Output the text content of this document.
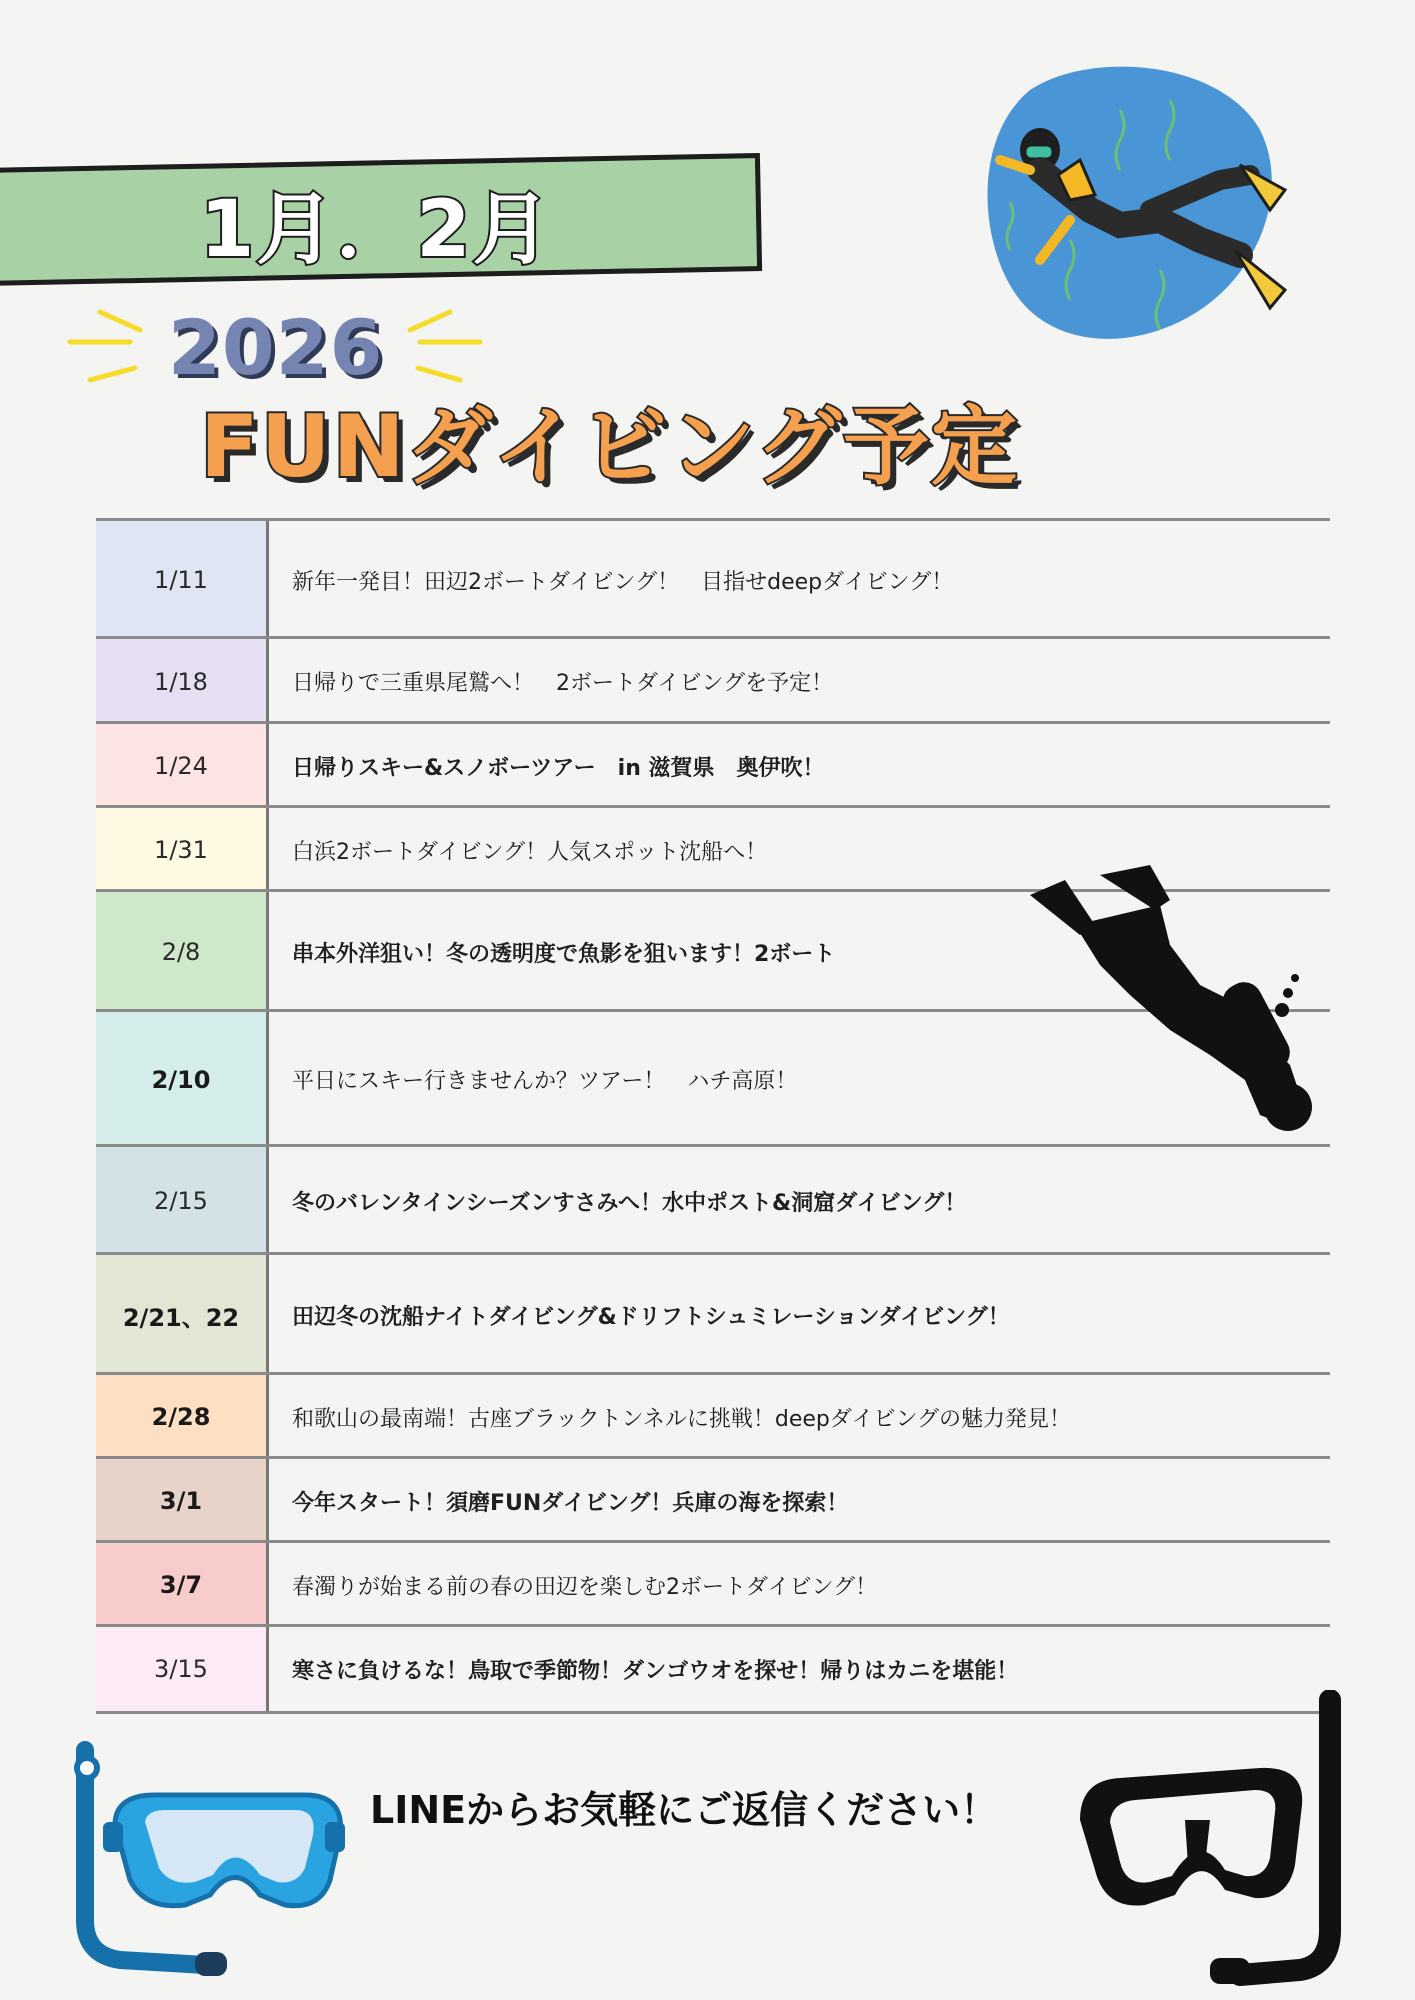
1月．2月
2026
FUNダイビング予定
1/11	新年一発目！田辺2ボートダイビング！　目指せdeepダイビング！
1/18	日帰りで三重県尾鷲へ！　2ボートダイビングを予定！
1/24	日帰りスキー&スノボーツアー　in 滋賀県　奥伊吹！
1/31	白浜2ボートダイビング！人気スポット沈船へ！
2/8	串本外洋狙い！冬の透明度で魚影を狙います！2ボート
2/10	平日にスキー行きませんか？ツアー！　ハチ高原！
2/15	冬のバレンタインシーズンすさみへ！水中ポスト&洞窟ダイビング！
2/21、22	田辺冬の沈船ナイトダイビング&ドリフトシュミレーションダイビング！
2/28	和歌山の最南端！古座ブラックトンネルに挑戦！deepダイビングの魅力発見！
3/1	今年スタート！須磨FUNダイビング！兵庫の海を探索！
3/7	春濁りが始まる前の春の田辺を楽しむ2ボートダイビング！
3/15	寒さに負けるな！鳥取で季節物！ダンゴウオを探せ！帰りはカニを堪能！
LINEからお気軽にご返信ください！
